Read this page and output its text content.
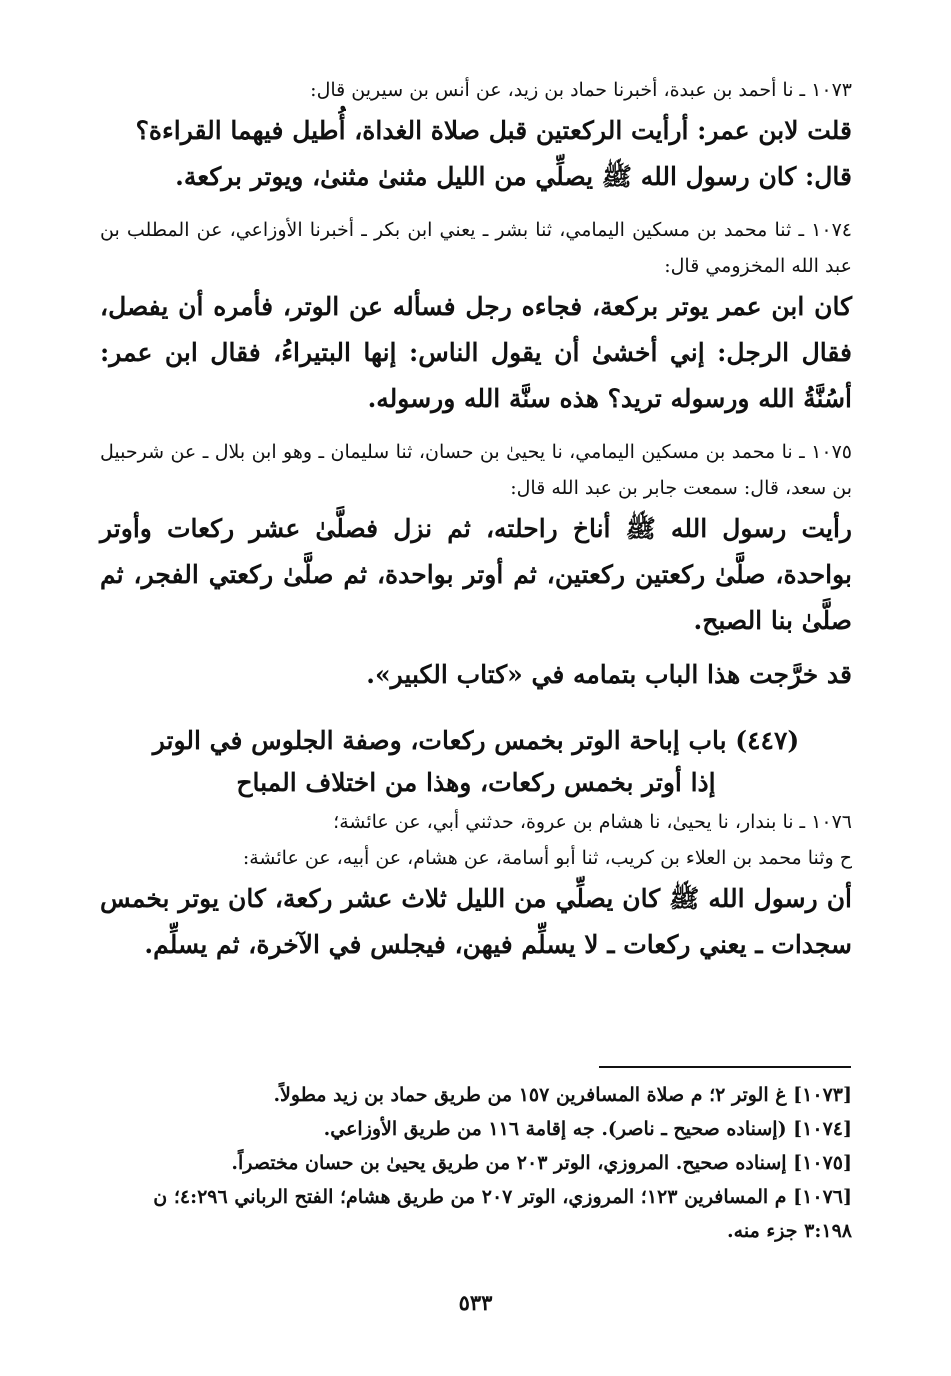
١٠٧٣ ـ نا أحمد بن عبدة، أخبرنا حماد بن زيد، عن أنس بن سيرين قال:

قلت لابن عمر: أرأيت الركعتين قبل صلاة الغداة، أُطيل فيهما القراءة؟

قال: كان رسول الله ﷺ يصلِّي من الليل مثنىٰ مثنىٰ، ويوتر بركعة.

١٠٧٤ ـ ثنا محمد بن مسكين اليمامي، ثنا بشر ـ يعني ابن بكر ـ أخبرنا الأوزاعي، عن المطلب بن عبد الله المخزومي قال:

كان ابن عمر يوتر بركعة، فجاءه رجل فسأله عن الوتر، فأمره أن يفصل، فقال الرجل: إني أخشىٰ أن يقول الناس: إنها البتيراءُ، فقال ابن عمر: أسُنَّةُ الله ورسوله تريد؟ هذه سنَّة الله ورسوله.

١٠٧٥ ـ نا محمد بن مسكين اليمامي، نا يحيىٰ بن حسان، ثنا سليمان ـ وهو ابن بلال ـ عن شرحبيل بن سعد، قال: سمعت جابر بن عبد الله قال:

رأيت رسول الله ﷺ أناخ راحلته، ثم نزل فصلَّىٰ عشر ركعات وأوتر بواحدة، صلَّىٰ ركعتين ركعتين، ثم أوتر بواحدة، ثم صلَّىٰ ركعتي الفجر، ثم صلَّىٰ بنا الصبح.

قد خرَّجت هذا الباب بتمامه في «كتاب الكبير».

(٤٤٧) باب إباحة الوتر بخمس ركعات، وصفة الجلوس في الوتر

إذا أوتر بخمس ركعات، وهذا من اختلاف المباح

١٠٧٦ ـ نا بندار، نا يحيىٰ، نا هشام بن عروة، حدثني أبي، عن عائشة؛

ح وثنا محمد بن العلاء بن كريب، ثنا أبو أسامة، عن هشام، عن أبيه، عن عائشة:

أن رسول الله ﷺ كان يصلِّي من الليل ثلاث عشر ركعة، كان يوتر بخمس سجدات ـ يعني ركعات ـ لا يسلِّم فيهن، فيجلس في الآخرة، ثم يسلِّم.

[١٠٧٣] غ الوتر ٢؛ م صلاة المسافرين ١٥٧ من طريق حماد بن زيد مطولاً.

[١٠٧٤] (إسناده صحيح ـ ناصر). جه إقامة ١١٦ من طريق الأوزاعي.

[١٠٧٥] إسناده صحيح. المروزي، الوتر ٢٠٣ من طريق يحيىٰ بن حسان مختصراً.

[١٠٧٦] م المسافرين ١٢٣؛ المروزي، الوتر ٢٠٧ من طريق هشام؛ الفتح الرباني ٤:٢٩٦؛ ن ٣:١٩٨ جزء منه.

٥٣٣
